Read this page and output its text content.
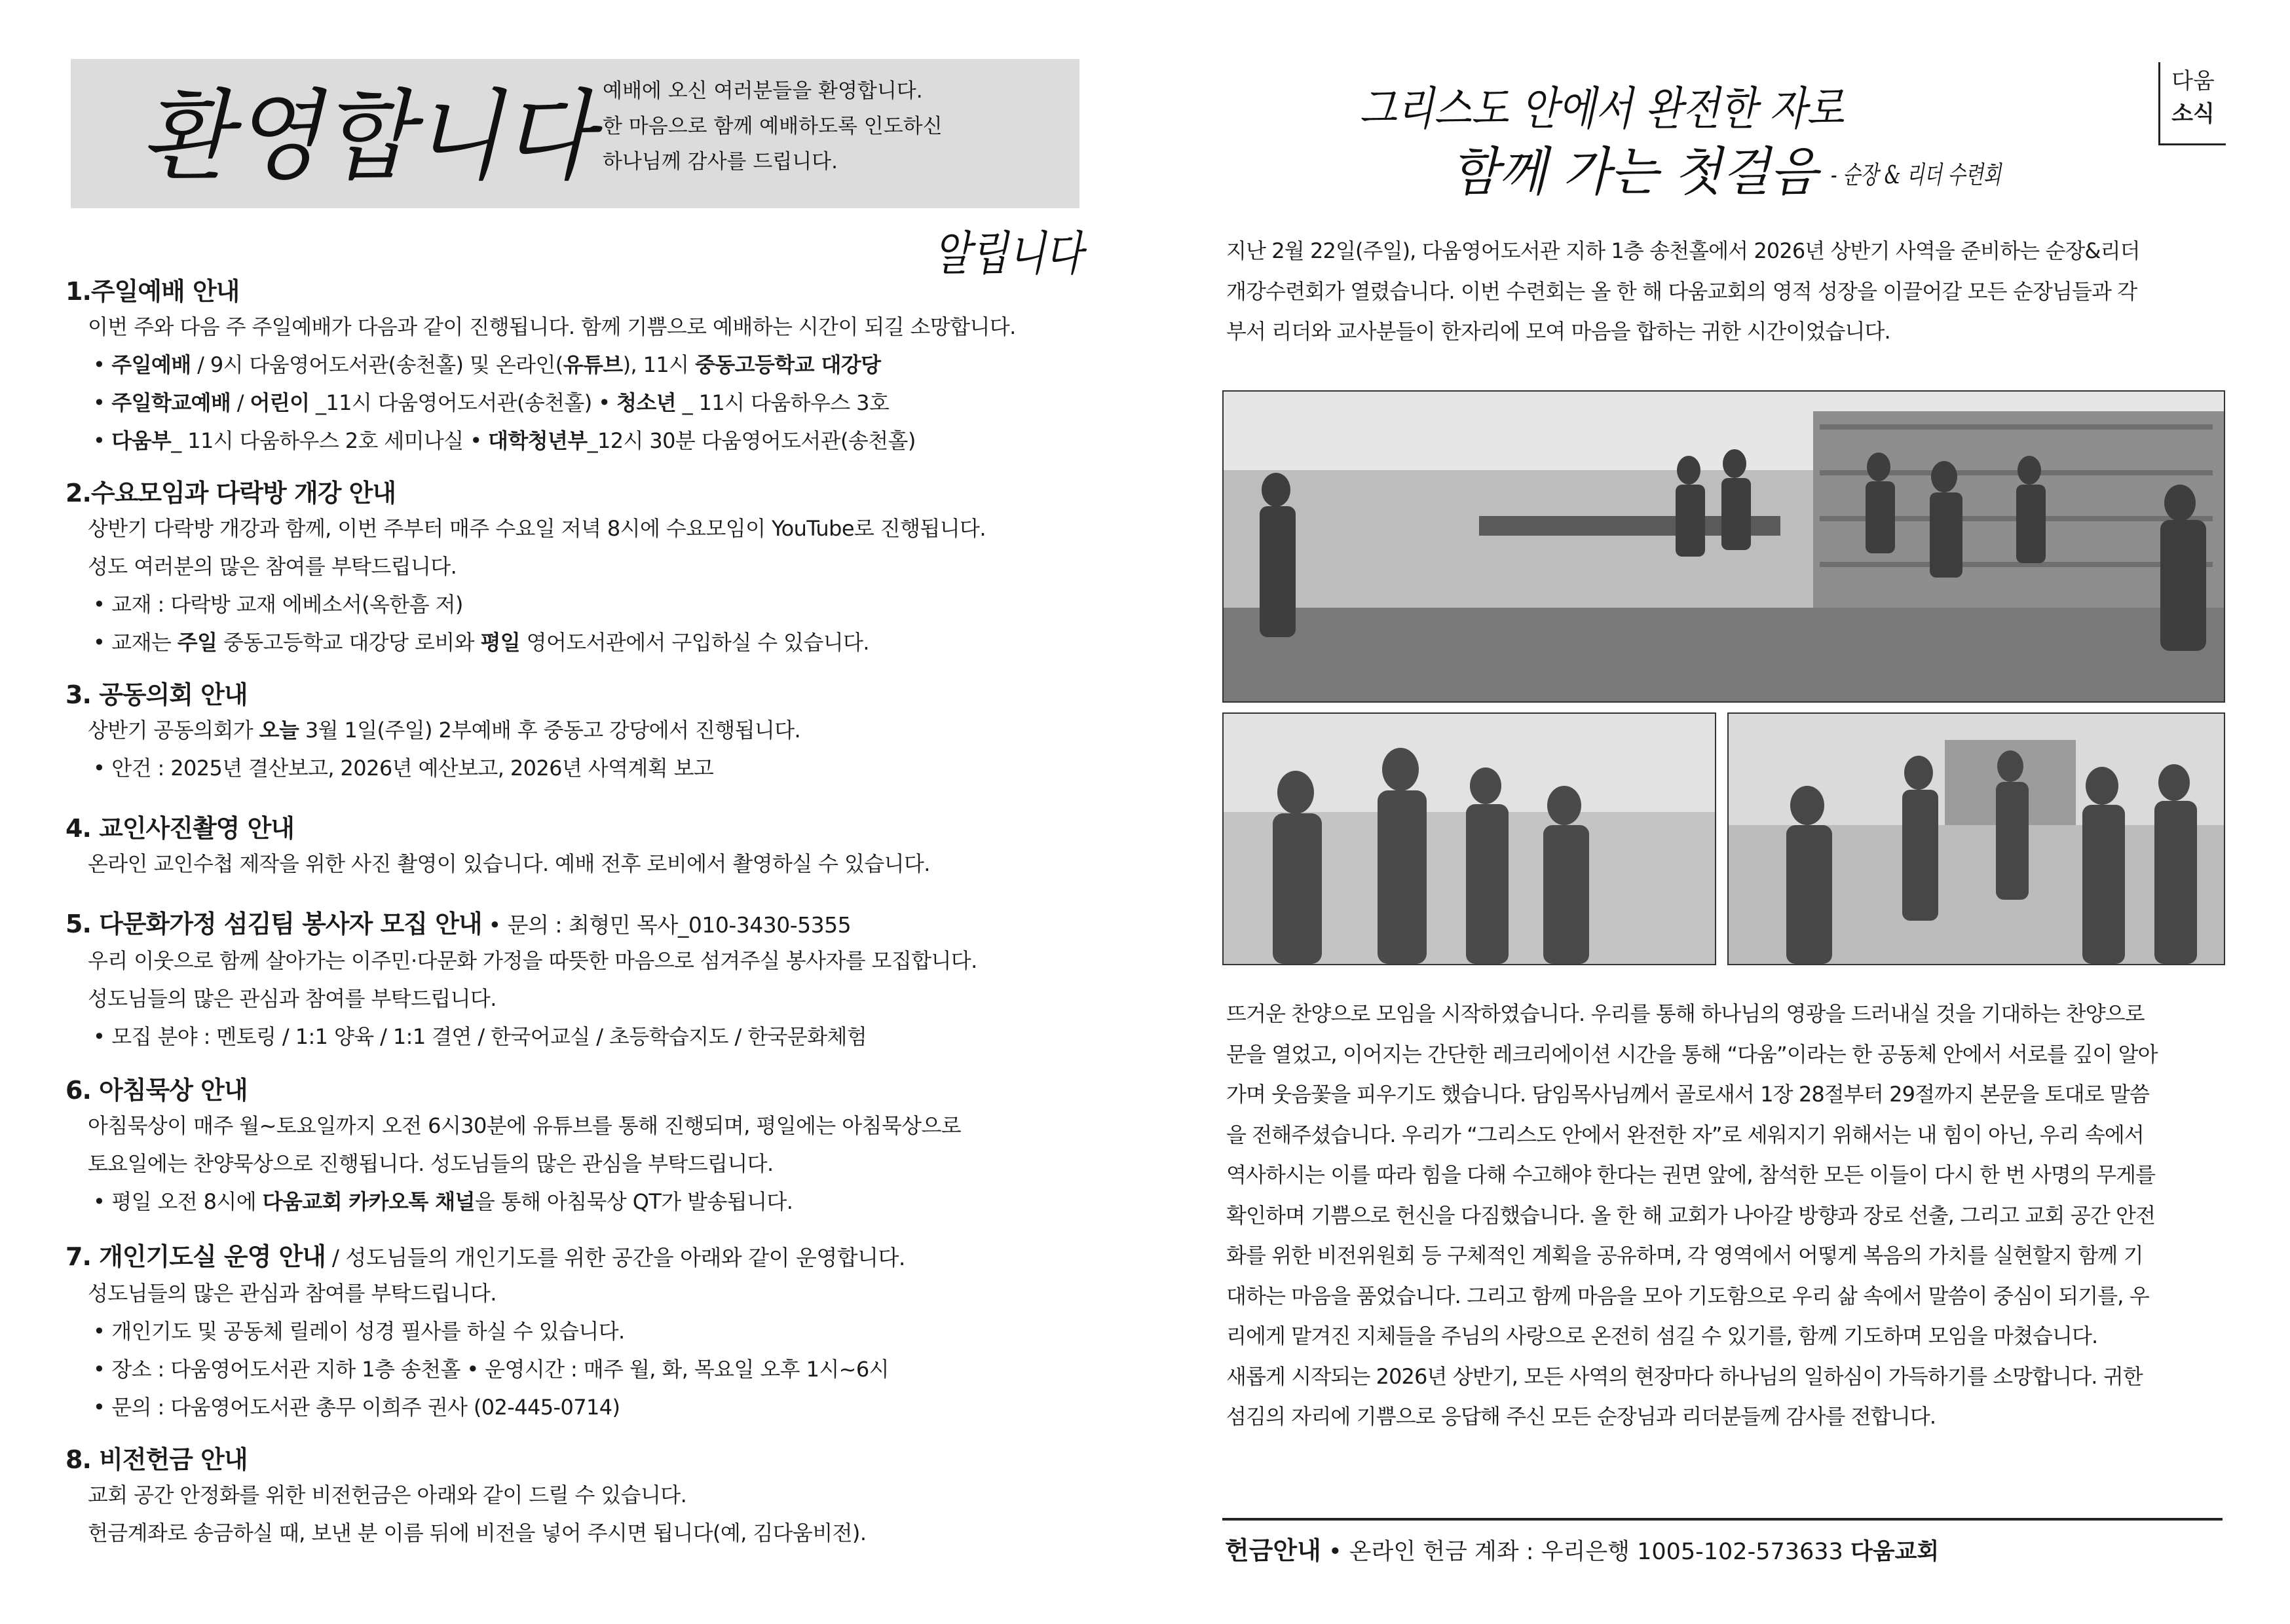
환영합니다 예배에 오신 여러분들을 환영합니다.
한 마음으로 함께 예배하도록 인도하신
하나님께 감사를 드립니다.
알립니다
1.주일예배 안내
이번 주와 다음 주 주일예배가 다음과 같이 진행됩니다. 함께 기쁨으로 예배하는 시간이 되길 소망합니다.
• 주일예배 / 9시 다움영어도서관(송천홀) 및 온라인(유튜브), 11시 중동고등학교 대강당
• 주일학교예배 / 어린이 _11시 다움영어도서관(송천홀) • 청소년 _ 11시 다움하우스 3호
• 다움부_ 11시 다움하우스 2호 세미나실 • 대학청년부_12시 30분 다움영어도서관(송천홀)
2.수요모임과 다락방 개강 안내
상반기 다락방 개강과 함께, 이번 주부터 매주 수요일 저녁 8시에 수요모임이 YouTube로 진행됩니다.
성도 여러분의 많은 참여를 부탁드립니다.
• 교재 : 다락방 교재 에베소서(옥한흠 저)
• 교재는 주일 중동고등학교 대강당 로비와 평일 영어도서관에서 구입하실 수 있습니다.
3. 공동의회 안내
상반기 공동의회가 오늘 3월 1일(주일) 2부예배 후 중동고 강당에서 진행됩니다.
• 안건 : 2025년 결산보고, 2026년 예산보고, 2026년 사역계획 보고
4. 교인사진촬영 안내
온라인 교인수첩 제작을 위한 사진 촬영이 있습니다. 예배 전후 로비에서 촬영하실 수 있습니다.
5. 다문화가정 섬김팀 봉사자 모집 안내 • 문의 : 최형민 목사_010-3430-5355
우리 이웃으로 함께 살아가는 이주민·다문화 가정을 따뜻한 마음으로 섬겨주실 봉사자를 모집합니다.
성도님들의 많은 관심과 참여를 부탁드립니다.
• 모집 분야 : 멘토링 / 1:1 양육 / 1:1 결연 / 한국어교실 / 초등학습지도 / 한국문화체험
6. 아침묵상 안내
아침묵상이 매주 월~토요일까지 오전 6시30분에 유튜브를 통해 진행되며, 평일에는 아침묵상으로
토요일에는 찬양묵상으로 진행됩니다. 성도님들의 많은 관심을 부탁드립니다.
• 평일 오전 8시에 다움교회 카카오톡 채널을 통해 아침묵상 QT가 발송됩니다.
7. 개인기도실 운영 안내 / 성도님들의 개인기도를 위한 공간을 아래와 같이 운영합니다.
성도님들의 많은 관심과 참여를 부탁드립니다.
• 개인기도 및 공동체 릴레이 성경 필사를 하실 수 있습니다.
• 장소 : 다움영어도서관 지하 1층 송천홀 • 운영시간 : 매주 월, 화, 목요일 오후 1시~6시
• 문의 : 다움영어도서관 총무 이희주 권사 (02-445-0714)
8. 비전헌금 안내
교회 공간 안정화를 위한 비전헌금은 아래와 같이 드릴 수 있습니다.
헌금계좌로 송금하실 때, 보낸 분 이름 뒤에 비전을 넣어 주시면 됩니다(예, 김다움비전).
그리스도 안에서 완전한 자로
함께 가는 첫걸음 - 순장 & 리더 수련회
다움
소식
지난 2월 22일(주일), 다움영어도서관 지하 1층 송천홀에서 2026년 상반기 사역을 준비하는 순장&리더
개강수련회가 열렸습니다. 이번 수련회는 올 한 해 다움교회의 영적 성장을 이끌어갈 모든 순장님들과 각
부서 리더와 교사분들이 한자리에 모여 마음을 합하는 귀한 시간이었습니다.
뜨거운 찬양으로 모임을 시작하였습니다. 우리를 통해 하나님의 영광을 드러내실 것을 기대하는 찬양으로
문을 열었고, 이어지는 간단한 레크리에이션 시간을 통해 “다움”이라는 한 공동체 안에서 서로를 깊이 알아
가며 웃음꽃을 피우기도 했습니다. 담임목사님께서 골로새서 1장 28절부터 29절까지 본문을 토대로 말씀
을 전해주셨습니다. 우리가 “그리스도 안에서 완전한 자”로 세워지기 위해서는 내 힘이 아닌, 우리 속에서
역사하시는 이를 따라 힘을 다해 수고해야 한다는 권면 앞에, 참석한 모든 이들이 다시 한 번 사명의 무게를
확인하며 기쁨으로 헌신을 다짐했습니다. 올 한 해 교회가 나아갈 방향과 장로 선출, 그리고 교회 공간 안전
화를 위한 비전위원회 등 구체적인 계획을 공유하며, 각 영역에서 어떻게 복음의 가치를 실현할지 함께 기
대하는 마음을 품었습니다. 그리고 함께 마음을 모아 기도함으로 우리 삶 속에서 말씀이 중심이 되기를, 우
리에게 맡겨진 지체들을 주님의 사랑으로 온전히 섬길 수 있기를, 함께 기도하며 모임을 마쳤습니다.
새롭게 시작되는 2026년 상반기, 모든 사역의 현장마다 하나님의 일하심이 가득하기를 소망합니다. 귀한
섬김의 자리에 기쁨으로 응답해 주신 모든 순장님과 리더분들께 감사를 전합니다.
헌금안내 • 온라인 헌금 계좌 : 우리은행 1005-102-573633 다움교회
